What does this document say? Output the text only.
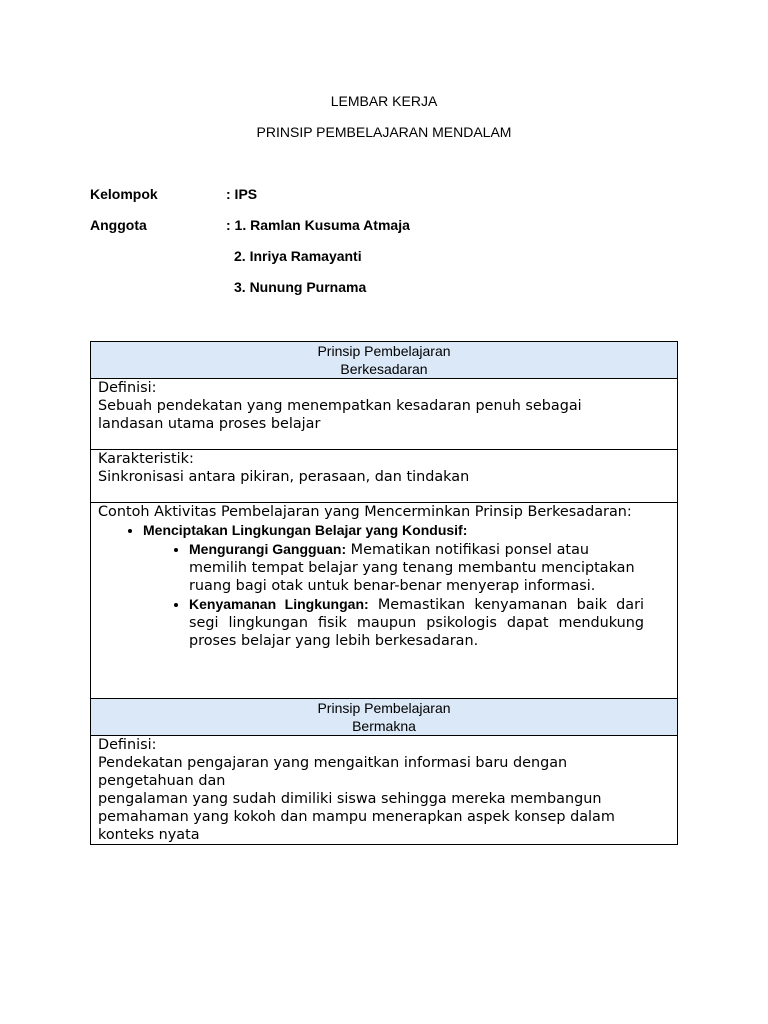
LEMBAR KERJA
PRINSIP PEMBELAJARAN MENDALAM
Kelompok	: IPS
Anggota	: 1. Ramlan Kusuma Atmaja
2. Inriya Ramayanti
3. Nunung Purnama
Prinsip Pembelajaran
Berkesadaran

Definisi:
Sebuah pendekatan yang menempatkan kesadaran penuh sebagai
landasan utama proses belajar

Karakteristik:
Sinkronisasi antara pikiran, perasaan, dan tindakan

Contoh Aktivitas Pembelajaran yang Mencerminkan Prinsip Berkesadaran:
• Menciptakan Lingkungan Belajar yang Kondusif:
• Mengurangi Gangguan: Mematikan notifikasi ponsel atau memilih tempat belajar yang tenang membantu menciptakan ruang bagi otak untuk benar-benar menyerap informasi.
• Kenyamanan Lingkungan: Memastikan kenyamanan baik dari segi lingkungan fisik maupun psikologis dapat mendukung proses belajar yang lebih berkesadaran.

Prinsip Pembelajaran
Bermakna

Definisi:
Pendekatan pengajaran yang mengaitkan informasi baru dengan
pengetahuan dan
pengalaman yang sudah dimiliki siswa sehingga mereka membangun
pemahaman yang kokoh dan mampu menerapkan aspek konsep dalam
konteks nyata
